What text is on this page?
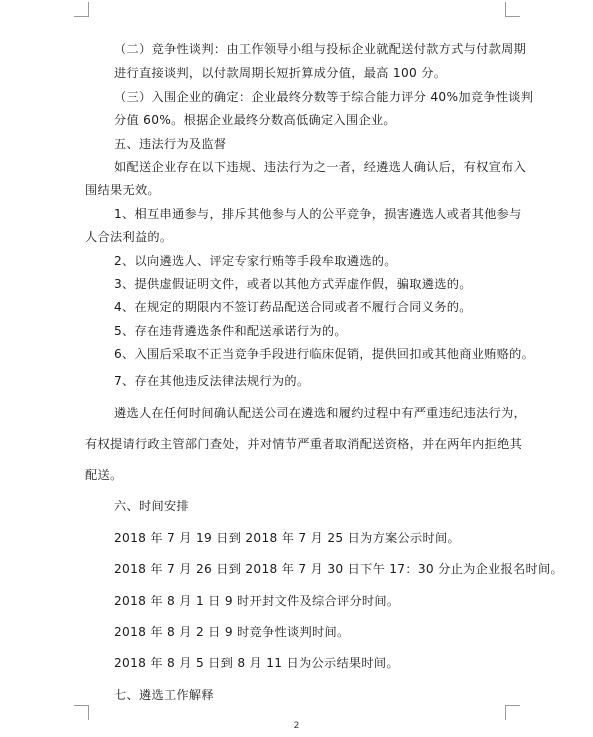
（二）竞争性谈判：由工作领导小组与投标企业就配送付款方式与付款周期
进行直接谈判，以付款周期长短折算成分值，最高 100 分。
（三）入围企业的确定：企业最终分数等于综合能力评分 40%加竞争性谈判
分值 60%。根据企业最终分数高低确定入围企业。
五、违法行为及监督
如配送企业存在以下违规、违法行为之一者，经遴选人确认后，有权宣布入
围结果无效。
1、相互串通参与，排斥其他参与人的公平竞争，损害遴选人或者其他参与
人合法利益的。
2、以向遴选人、评定专家行贿等手段牟取遴选的。
3、提供虚假证明文件，或者以其他方式弄虚作假，骗取遴选的。
4、在规定的期限内不签订药品配送合同或者不履行合同义务的。
5、存在违背遴选条件和配送承诺行为的。
6、入围后采取不正当竞争手段进行临床促销，提供回扣或其他商业贿赂的。
7、存在其他违反法律法规行为的。
遴选人在任何时间确认配送公司在遴选和履约过程中有严重违纪违法行为，
有权提请行政主管部门查处，并对情节严重者取消配送资格，并在两年内拒绝其
配送。
六、时间安排
2018 年 7 月 19 日到 2018 年 7 月 25 日为方案公示时间。
2018 年 7 月 26 日到 2018 年 7 月 30 日下午 17：30 分止为企业报名时间。
2018 年 8 月 1 日 9 时开封文件及综合评分时间。
2018 年 8 月 2 日 9 时竞争性谈判时间。
2018 年 8 月 5 日到 8 月 11 日为公示结果时间。
七、遴选工作解释
2
